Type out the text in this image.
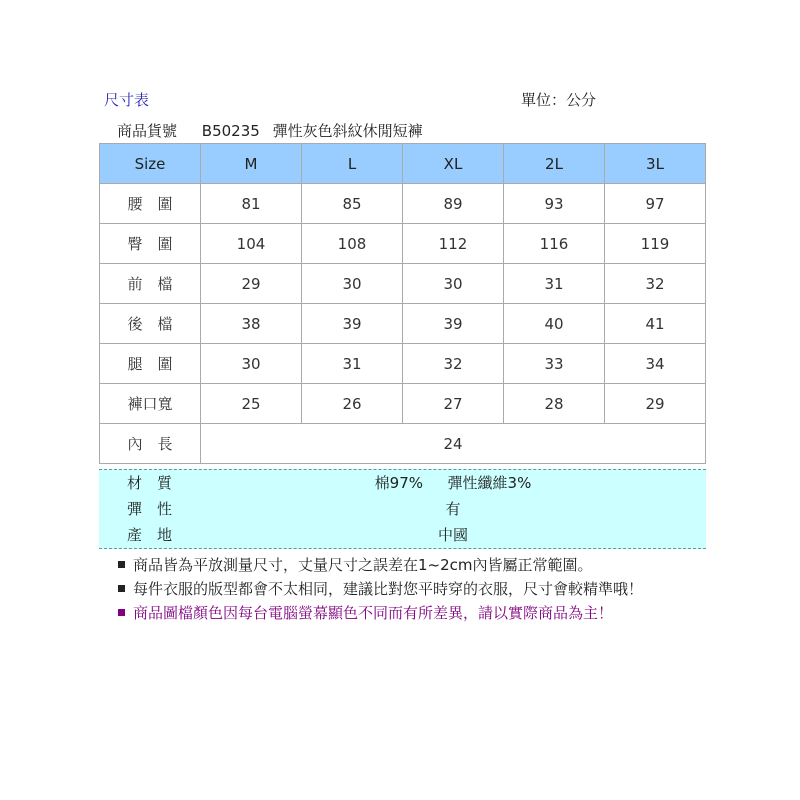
尺寸表	單位：公分
商品貨號 B50235 彈性灰色斜紋休閒短褲
Size	M	L	XL	2L	3L
腰　圍	81	85	89	93	97
臀　圍	104	108	112	116	119
前　檔	29	30	30	31	32
後　檔	38	39	39	40	41
腿　圍	30	31	32	33	34
褲口寬	25	26	27	28	29
內　長	24				
材　質	棉97%　  彈性纖維3%
彈　性	有
產　地	中國
商品皆為平放測量尺寸，丈量尺寸之誤差在1~2cm內皆屬正常範圍。
每件衣服的版型都會不太相同，建議比對您平時穿的衣服，尺寸會較精準哦！
商品圖檔顏色因每台電腦螢幕顯色不同而有所差異，請以實際商品為主！
